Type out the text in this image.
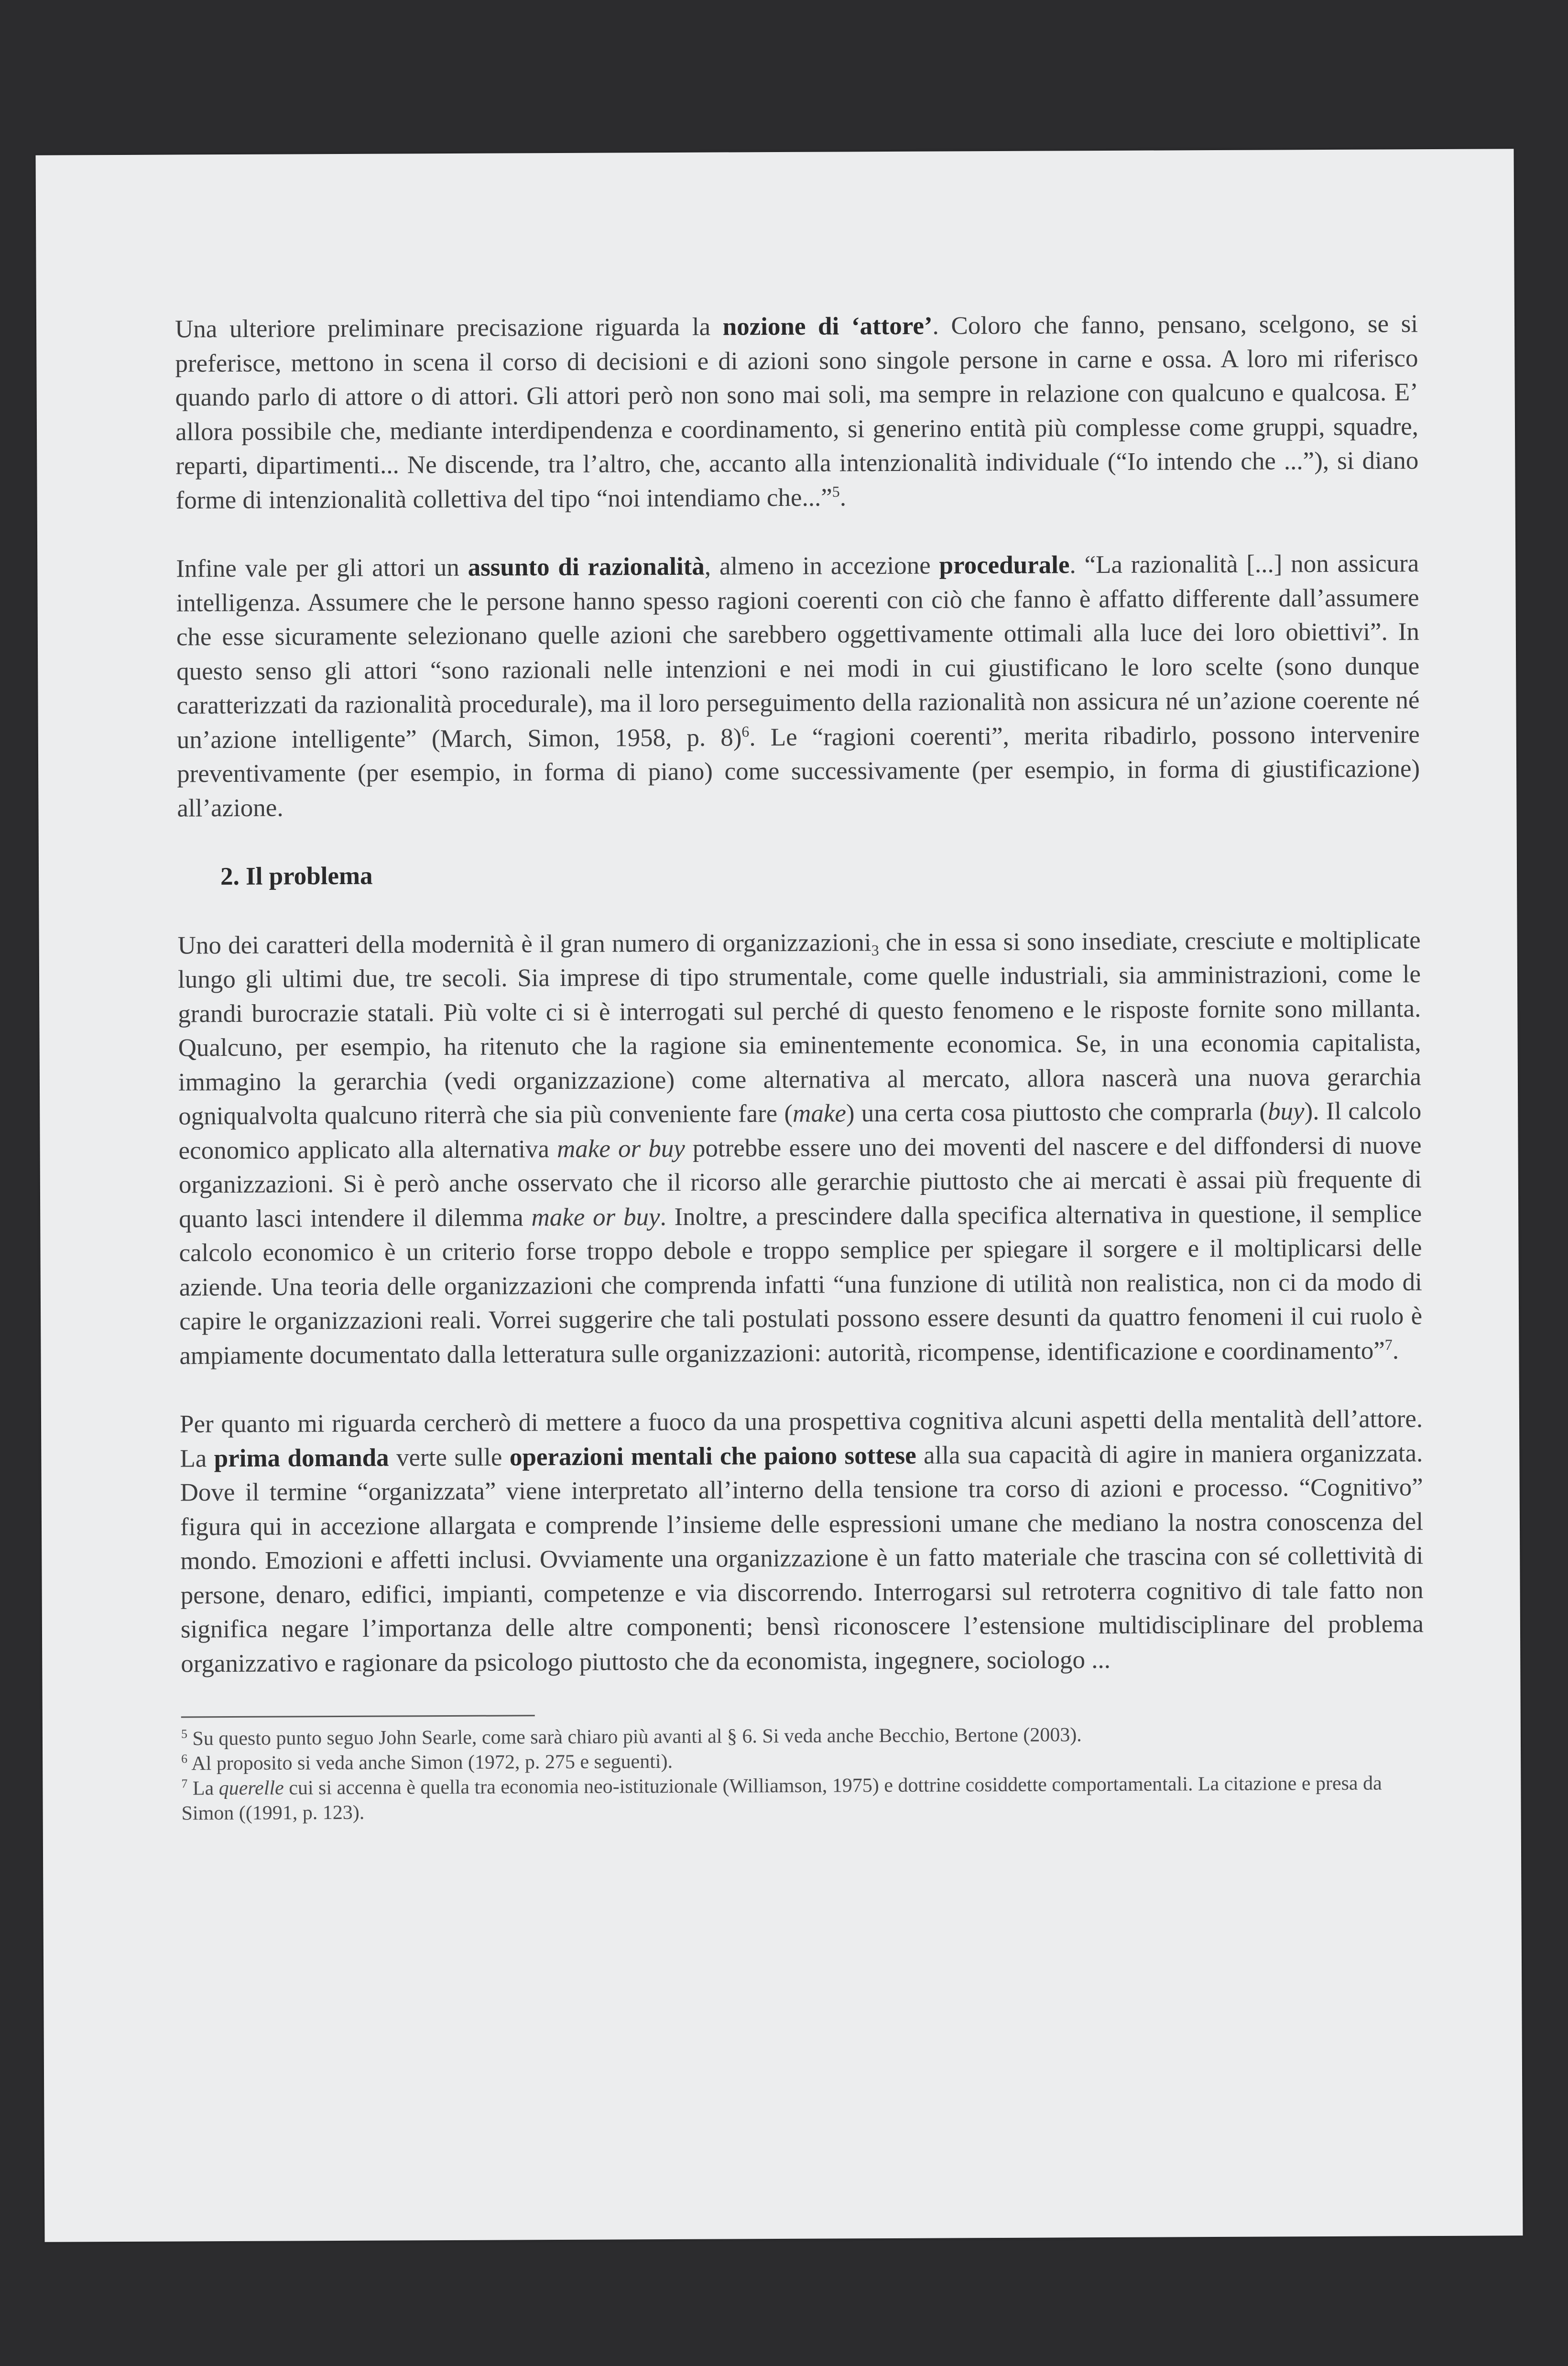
Una ulteriore preliminare precisazione riguarda la nozione di ‘attore’. Coloro che fanno, pensano, scelgono, se si preferisce, mettono in scena il corso di decisioni e di azioni sono singole persone in carne e ossa. A loro mi riferisco quando parlo di attore o di attori. Gli attori però non sono mai soli, ma sempre in relazione con qualcuno e qualcosa. E’ allora possibile che, mediante interdipendenza e coordinamento, si generino entità più complesse come gruppi, squadre, reparti, dipartimenti... Ne discende, tra l’altro, che, accanto alla intenzionalità individuale (“Io intendo che ...”), si diano forme di intenzionalità collettiva del tipo “noi intendiamo che...”$^5$.

Infine vale per gli attori un assunto di razionalità, almeno in accezione procedurale. “La razionalità [...] non assicura intelligenza. Assumere che le persone hanno spesso ragioni coerenti con ciò che fanno è affatto differente dall’assumere che esse sicuramente selezionano quelle azioni che sarebbero oggettivamente ottimali alla luce dei loro obiettivi”. In questo senso gli attori “sono razionali nelle intenzioni e nei modi in cui giustificano le loro scelte (sono dunque caratterizzati da razionalità procedurale), ma il loro perseguimento della razionalità non assicura né un’azione coerente né un’azione intelligente” (March, Simon, 1958, p. 8)$^6$. Le “ragioni coerenti”, merita ribadirlo, possono intervenire preventivamente (per esempio, in forma di piano) come successivamente (per esempio, in forma di giustificazione) all’azione.

2. Il problema

Uno dei caratteri della modernità è il gran numero di organizzazioni$_3$ che in essa si sono insediate, cresciute e moltiplicate lungo gli ultimi due, tre secoli. Sia imprese di tipo strumentale, come quelle industriali, sia amministrazioni, come le grandi burocrazie statali. Più volte ci si è interrogati sul perché di questo fenomeno e le risposte fornite sono millanta. Qualcuno, per esempio, ha ritenuto che la ragione sia eminentemente economica. Se, in una economia capitalista, immagino la gerarchia (vedi organizzazione) come alternativa al mercato, allora nascerà una nuova gerarchia ogniqualvolta qualcuno riterrà che sia più conveniente fare (make) una certa cosa piuttosto che comprarla (buy). Il calcolo economico applicato alla alternativa make or buy potrebbe essere uno dei moventi del nascere e del diffondersi di nuove organizzazioni. Si è però anche osservato che il ricorso alle gerarchie piuttosto che ai mercati è assai più frequente di quanto lasci intendere il dilemma make or buy. Inoltre, a prescindere dalla specifica alternativa in questione, il semplice calcolo economico è un criterio forse troppo debole e troppo semplice per spiegare il sorgere e il moltiplicarsi delle aziende. Una teoria delle organizzazioni che comprenda infatti “una funzione di utilità non realistica, non ci da modo di capire le organizzazioni reali. Vorrei suggerire che tali postulati possono essere desunti da quattro fenomeni il cui ruolo è ampiamente documentato dalla letteratura sulle organizzazioni: autorità, ricompense, identificazione e coordinamento”$^7$.

Per quanto mi riguarda cercherò di mettere a fuoco da una prospettiva cognitiva alcuni aspetti della mentalità dell’attore. La prima domanda verte sulle operazioni mentali che paiono sottese alla sua capacità di agire in maniera organizzata. Dove il termine “organizzata” viene interpretato all’interno della tensione tra corso di azioni e processo. “Cognitivo” figura qui in accezione allargata e comprende l’insieme delle espressioni umane che mediano la nostra conoscenza del mondo. Emozioni e affetti inclusi. Ovviamente una organizzazione è un fatto materiale che trascina con sé collettività di persone, denaro, edifici, impianti, competenze e via discorrendo. Interrogarsi sul retroterra cognitivo di tale fatto non significa negare l’importanza delle altre componenti; bensì riconoscere l’estensione multidisciplinare del problema organizzativo e ragionare da psicologo piuttosto che da economista, ingegnere, sociologo ...

$^5$ Su questo punto seguo John Searle, come sarà chiaro più avanti al § 6. Si veda anche Becchio, Bertone (2003).

$^6$ Al proposito si veda anche Simon (1972, p. 275 e seguenti).

$^7$ La querelle cui si accenna è quella tra economia neo-istituzionale (Williamson, 1975) e dottrine cosiddette comportamentali. La citazione e presa da Simon ((1991, p. 123).
